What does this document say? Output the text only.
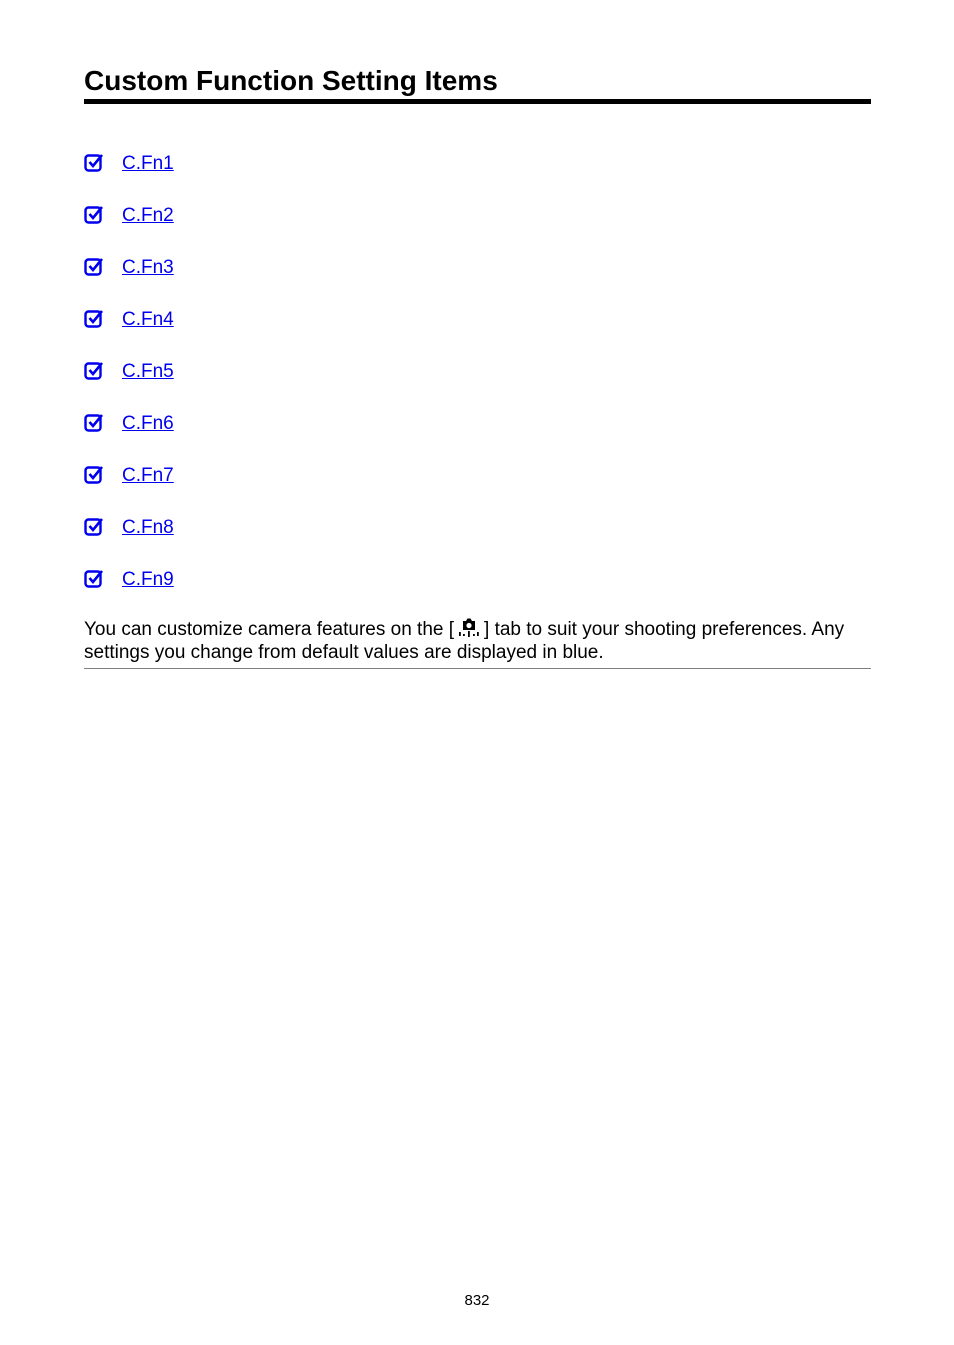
Custom Function Setting Items
C.Fn1
C.Fn2
C.Fn3
C.Fn4
C.Fn5
C.Fn6
C.Fn7
C.Fn8
C.Fn9

You can customize camera features on the [ ] tab to suit your shooting preferences. Any settings you change from default values are displayed in blue.

832
